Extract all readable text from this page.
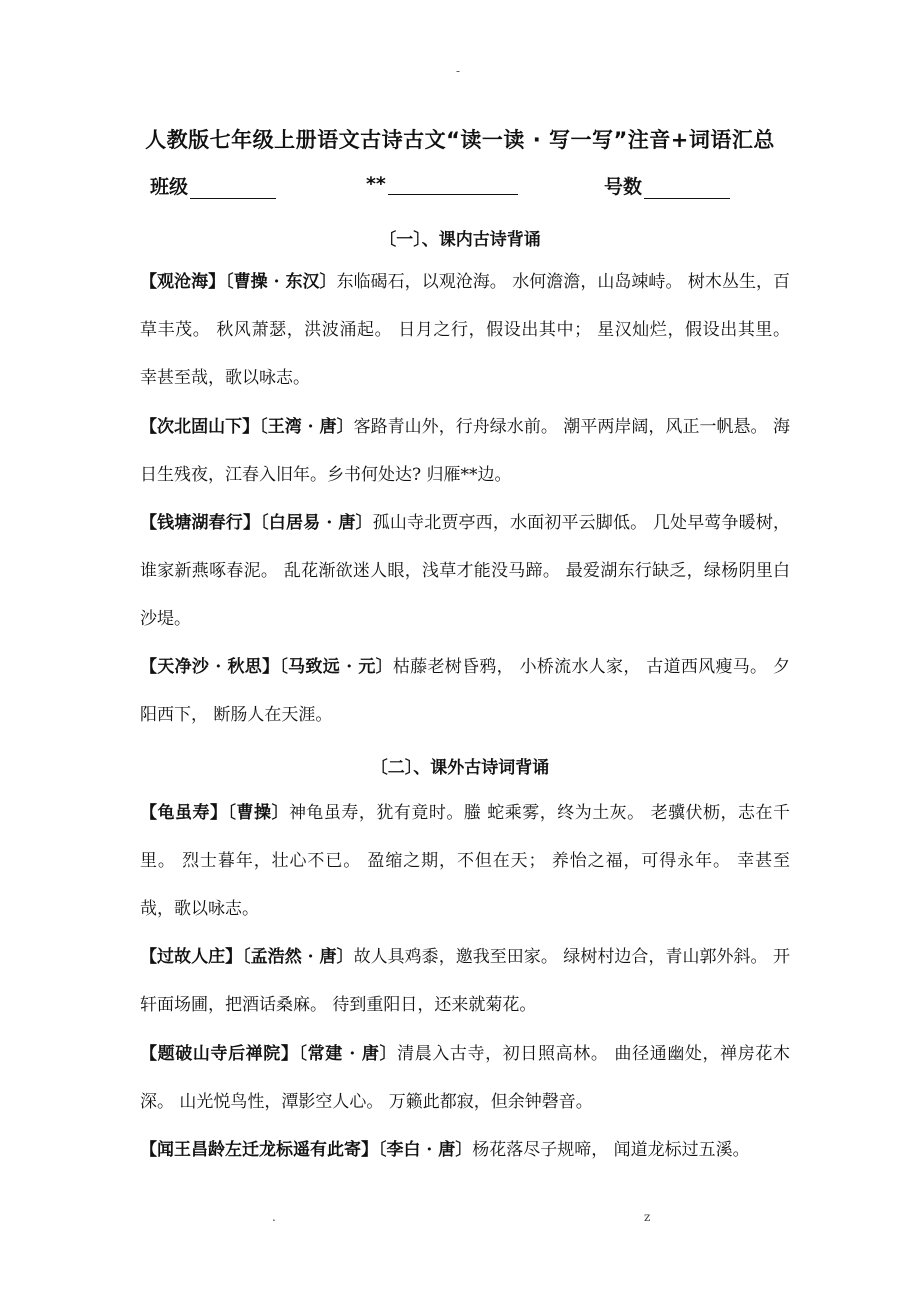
-
人教版七年级上册语文古诗古文“读一读 · 写一写”注音+词语汇总
班级	**	号数
〔一〕、课内古诗背诵
【观沧海】〔曹操 · 东汉〕东临碣石，以观沧海。 水何澹澹，山岛竦峙。 树木丛生，百草丰茂。 秋风萧瑟，洪波涌起。 日月之行，假设出其中； 星汉灿烂，假设出其里。 幸甚至哉，歌以咏志。
【次北固山下】〔王湾 · 唐〕客路青山外，行舟绿水前。 潮平两岸阔，风正一帆悬。 海日生残夜，江春入旧年。乡书何处达? 归雁**边。
【钱塘湖春行】〔白居易 · 唐〕孤山寺北贾亭西，水面初平云脚低。 几处早莺争暖树，谁家新燕啄春泥。 乱花渐欲迷人眼，浅草才能没马蹄。 最爱湖东行缺乏，绿杨阴里白沙堤。
【天净沙 · 秋思】〔马致远 · 元〕枯藤老树昏鸦， 小桥流水人家， 古道西风瘦马。 夕阳西下， 断肠人在天涯。
〔二〕、课外古诗词背诵
【龟虽寿】〔曹操〕神龟虽寿，犹有竟时。螣 蛇乘雾，终为土灰。 老骥伏枥，志在千里。 烈士暮年，壮心不已。 盈缩之期，不但在天； 养怡之福，可得永年。 幸甚至哉，歌以咏志。
【过故人庄】〔孟浩然 · 唐〕故人具鸡黍，邀我至田家。 绿树村边合，青山郭外斜。 开轩面场圃，把酒话桑麻。 待到重阳日，还来就菊花。
【题破山寺后禅院】〔常建 · 唐〕清晨入古寺，初日照高林。 曲径通幽处，禅房花木深。 山光悦鸟性，潭影空人心。 万籁此都寂，但余钟磬音。
【闻王昌龄左迁龙标遥有此寄】〔李白 · 唐〕杨花落尽子规啼， 闻道龙标过五溪。
.	z
